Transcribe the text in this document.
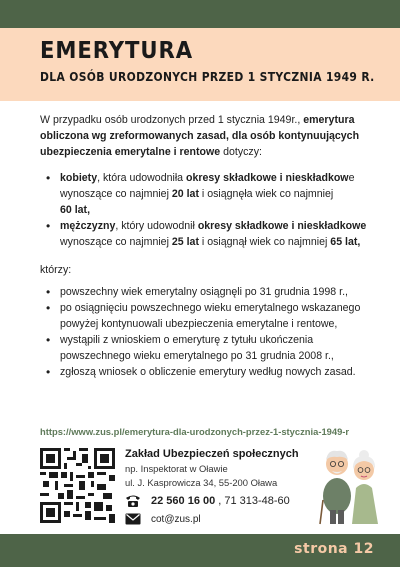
EMERYTURA
DLA OSÓB URODZONYCH PRZED 1 STYCZNIA 1949 R.

W przypadku osób urodzonych przed 1 stycznia 1949r., emerytura obliczona wg zreformowanych zasad, dla osób kontynuujących ubezpieczenia emerytalne i rentowe dotyczy:

• kobiety, która udowodniła okresy składkowe i nieskładkowe wynoszące co najmniej 20 lat i osiągnęła wiek co najmniej
60 lat,
• mężczyzny, który udowodnił okresy składkowe i nieskładkowe wynoszące co najmniej 25 lat i osiągnął wiek co najmniej 65 lat,

którzy:

• powszechny wiek emerytalny osiągnęli po 31 grudnia 1998 r.,
• po osiągnięciu powszechnego wieku emerytalnego wskazanego powyżej kontynuowali ubezpieczenia emerytalne i rentowe,
• wystąpili z wnioskiem o emeryturę z tytułu ukończenia powszechnego wieku emerytalnego po 31 grudnia 2008 r.,
• zgłoszą wniosek o obliczenie emerytury według nowych zasad.
https://www.zus.pl/emerytura-dla-urodzonych-przez-1-stycznia-1949-r
Zakład Ubezpieczeń społecznych
np. Inspektorat w Oławie
ul. J. Kasprowicza 34, 55-200 Oława
22 560 16 00 , 71 313-48-60
cot@zus.pl
strona 12
